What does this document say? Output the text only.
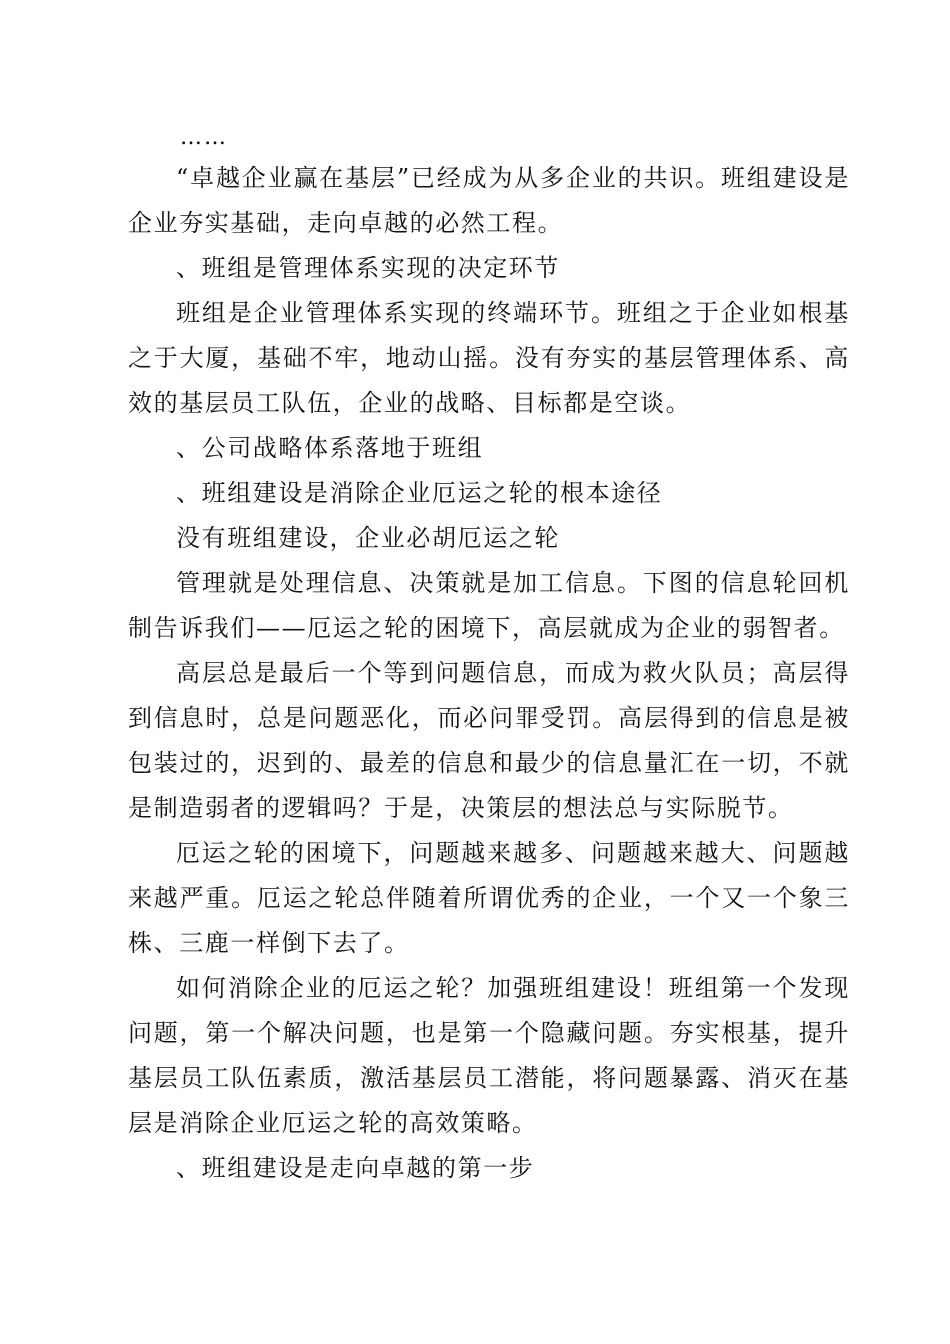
……

“卓越企业赢在基层”已经成为从多企业的共识。班组建设是企业夯实基础，走向卓越的必然工程。

、班组是管理体系实现的决定环节

班组是企业管理体系实现的终端环节。班组之于企业如根基之于大厦，基础不牢，地动山摇。没有夯实的基层管理体系、高效的基层员工队伍，企业的战略、目标都是空谈。

、公司战略体系落地于班组

、班组建设是消除企业厄运之轮的根本途径

没有班组建设，企业必胡厄运之轮

管理就是处理信息、决策就是加工信息。下图的信息轮回机制告诉我们——厄运之轮的困境下，高层就成为企业的弱智者。

高层总是最后一个等到问题信息，而成为救火队员；高层得到信息时，总是问题恶化，而必问罪受罚。高层得到的信息是被包装过的，迟到的、最差的信息和最少的信息量汇在一切，不就是制造弱者的逻辑吗？于是，决策层的想法总与实际脱节。

厄运之轮的困境下，问题越来越多、问题越来越大、问题越来越严重。厄运之轮总伴随着所谓优秀的企业，一个又一个象三株、三鹿一样倒下去了。

如何消除企业的厄运之轮？加强班组建设！班组第一个发现问题，第一个解决问题，也是第一个隐藏问题。夯实根基，提升基层员工队伍素质，激活基层员工潜能，将问题暴露、消灭在基层是消除企业厄运之轮的高效策略。

、班组建设是走向卓越的第一步
